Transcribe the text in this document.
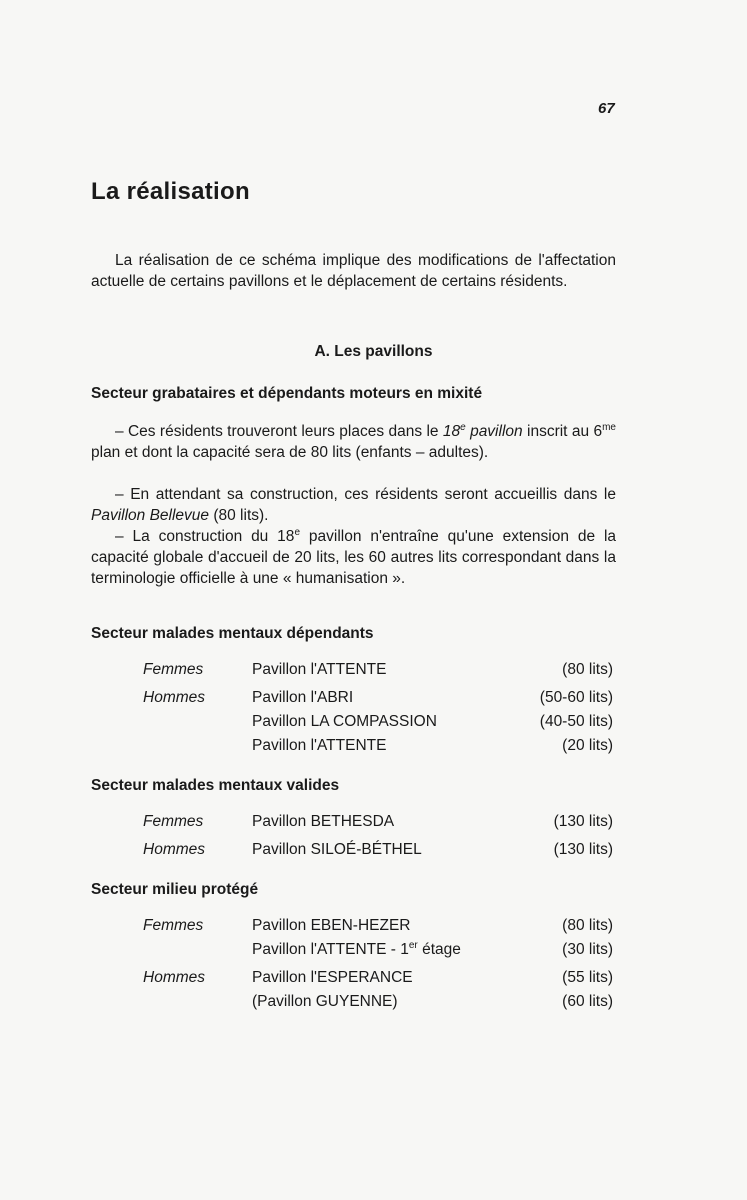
67
La réalisation
La réalisation de ce schéma implique des modifications de l'affectation actuelle de certains pavillons et le déplacement de certains résidents.
A. Les pavillons
Secteur grabataires et dépendants moteurs en mixité
– Ces résidents trouveront leurs places dans le 18e pavillon inscrit au $6^{me}$ plan et dont la capacité sera de 80 lits (enfants – adultes).
– En attendant sa construction, ces résidents seront accueillis dans le Pavillon Bellevue (80 lits).
– La construction du 18e pavillon n'entraîne qu'une extension de la capacité globale d'accueil de 20 lits, les 60 autres lits correspondant dans la terminologie officielle à une « humanisation ».
Secteur malades mentaux dépendants
Femmes	Pavillon l'ATTENTE	(80 lits)
Hommes	Pavillon l'ABRI	(50-60 lits)
Pavillon LA COMPASSION	(40-50 lits)
Pavillon l'ATTENTE	(20 lits)
Secteur malades mentaux valides
Femmes	Pavillon BETHESDA	(130 lits)
Hommes	Pavillon SILOÉ-BÉTHEL	(130 lits)
Secteur milieu protégé
Femmes	Pavillon EBEN-HEZER	(80 lits)
Pavillon l'ATTENTE - 1er étage	(30 lits)
Hommes	Pavillon l'ESPERANCE	(55 lits)
(Pavillon GUYENNE)	(60 lits)
